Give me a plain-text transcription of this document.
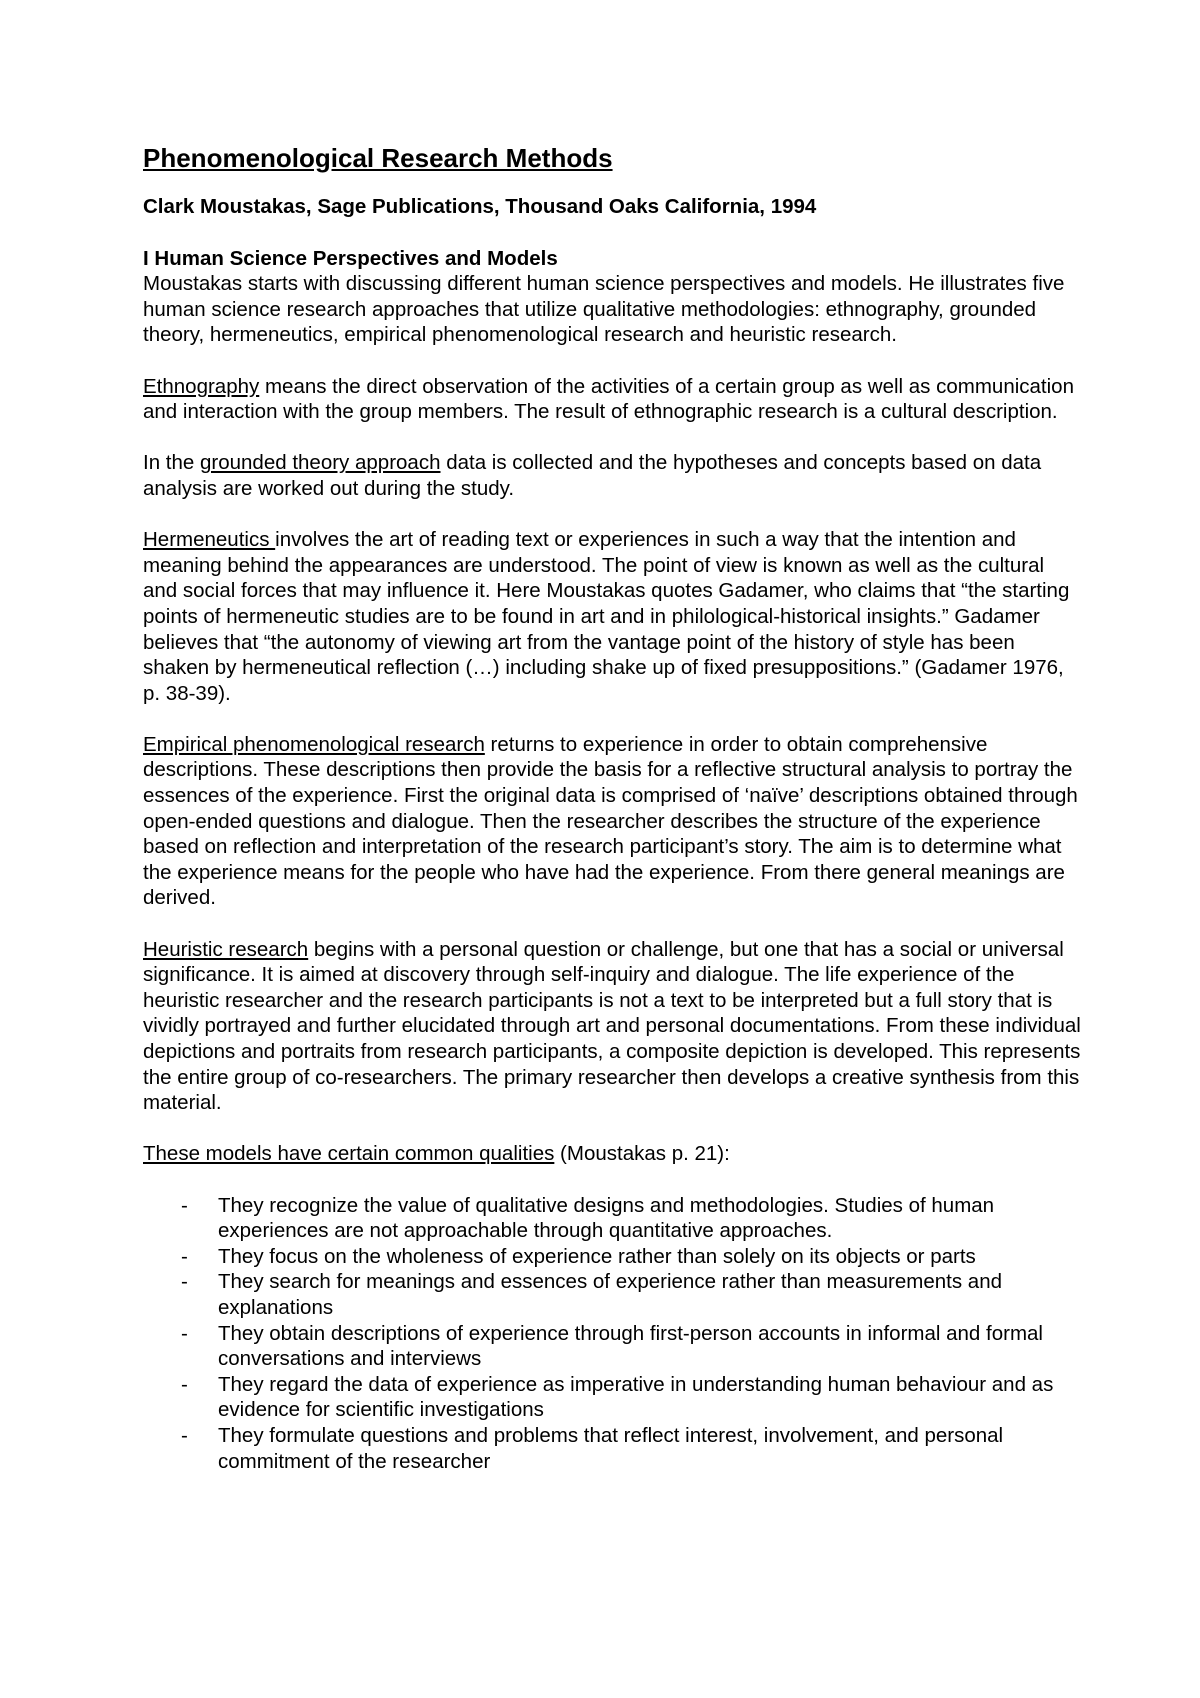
Phenomenological Research Methods
Clark Moustakas, Sage Publications, Thousand Oaks California, 1994
I Human Science Perspectives and Models

Moustakas starts with discussing different human science perspectives and models. He illustrates five human science research approaches that utilize qualitative methodologies: ethnography, grounded theory, hermeneutics, empirical phenomenological research and heuristic research.

Ethnography means the direct observation of the activities of a certain group as well as communication and interaction with the group members. The result of ethnographic research is a cultural description.

In the grounded theory approach data is collected and the hypotheses and concepts based on data analysis are worked out during the study.

Hermeneutics involves the art of reading text or experiences in such a way that the intention and meaning behind the appearances are understood. The point of view is known as well as the cultural and social forces that may influence it. Here Moustakas quotes Gadamer, who claims that “the starting points of hermeneutic studies are to be found in art and in philological-historical insights.” Gadamer believes that “the autonomy of viewing art from the vantage point of the history of style has been shaken by hermeneutical reflection (…) including shake up of fixed presuppositions.” (Gadamer 1976, p. 38-39).

Empirical phenomenological research returns to experience in order to obtain comprehensive descriptions. These descriptions then provide the basis for a reflective structural analysis to portray the essences of the experience. First the original data is comprised of ‘naïve’ descriptions obtained through open-ended questions and dialogue. Then the researcher describes the structure of the experience based on reflection and interpretation of the research participant’s story. The aim is to determine what the experience means for the people who have had the experience. From there general meanings are derived.

Heuristic research begins with a personal question or challenge, but one that has a social or universal significance. It is aimed at discovery through self-inquiry and dialogue. The life experience of the heuristic researcher and the research participants is not a text to be interpreted but a full story that is vividly portrayed and further elucidated through art and personal documentations. From these individual depictions and portraits from research participants, a composite depiction is developed. This represents the entire group of co-researchers. The primary researcher then develops a creative synthesis from this material.

These models have certain common qualities (Moustakas p. 21):

- They recognize the value of qualitative designs and methodologies. Studies of human experiences are not approachable through quantitative approaches.
- They focus on the wholeness of experience rather than solely on its objects or parts
- They search for meanings and essences of experience rather than measurements and explanations
- They obtain descriptions of experience through first-person accounts in informal and formal conversations and interviews
- They regard the data of experience as imperative in understanding human behaviour and as evidence for scientific investigations
- They formulate questions and problems that reflect interest, involvement, and personal commitment of the researcher
